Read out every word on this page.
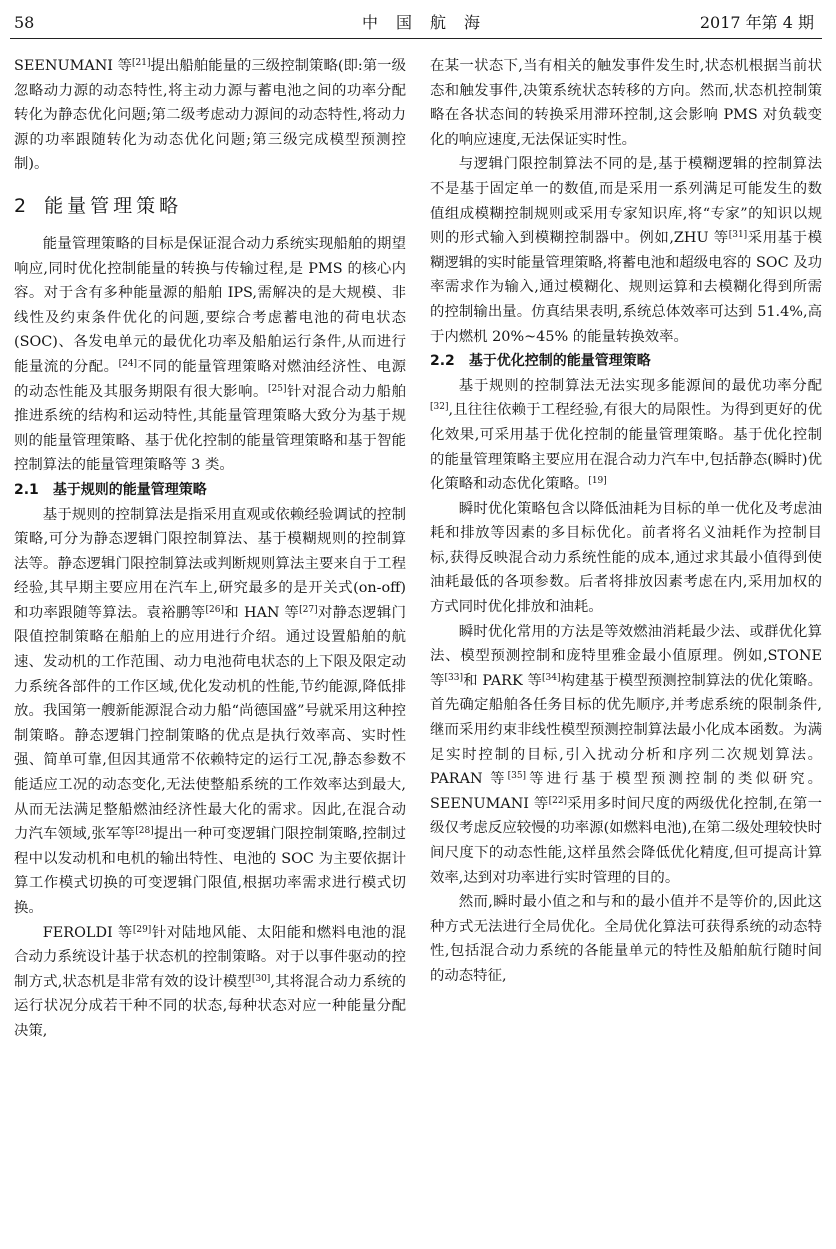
58	中国航海	2017 年第 4 期

SEENUMANI 等[21]提出船舶能量的三级控制策略(即:第一级忽略动力源的动态特性,将主动力源与蓄电池之间的功率分配转化为静态优化问题;第二级考虑动力源间的动态特性,将动力源的功率跟随转化为动态优化问题;第三级完成模型预测控制)。

2 能量管理策略

能量管理策略的目标是保证混合动力系统实现船舶的期望响应,同时优化控制能量的转换与传输过程,是 PMS 的核心内容。对于含有多种能量源的船舶 IPS,需解决的是大规模、非线性及约束条件优化的问题,要综合考虑蓄电池的荷电状态(SOC)、各发电单元的最优化功率及船舶运行条件,从而进行能量流的分配。[24]不同的能量管理策略对燃油经济性、电源的动态性能及其服务期限有很大影响。[25]针对混合动力船舶推进系统的结构和运动特性,其能量管理策略大致分为基于规则的能量管理策略、基于优化控制的能量管理策略和基于智能控制算法的能量管理策略等 3 类。

2.1 基于规则的能量管理策略

基于规则的控制算法是指采用直观或依赖经验调试的控制策略,可分为静态逻辑门限控制算法、基于模糊规则的控制算法等。静态逻辑门限控制算法或判断规则算法主要来自于工程经验,其早期主要应用在汽车上,研究最多的是开关式(on-off)和功率跟随等算法。袁裕鹏等[26]和 HAN 等[27]对静态逻辑门限值控制策略在船舶上的应用进行介绍。通过设置船舶的航速、发动机的工作范围、动力电池荷电状态的上下限及限定动力系统各部件的工作区域,优化发动机的性能,节约能源,降低排放。我国第一艘新能源混合动力船“尚德国盛”号就采用这种控制策略。静态逻辑门控制策略的优点是执行效率高、实时性强、简单可靠,但因其通常不依赖特定的运行工况,静态参数不能适应工况的动态变化,无法使整船系统的工作效率达到最大,从而无法满足整船燃油经济性最大化的需求。因此,在混合动力汽车领域,张军等[28]提出一种可变逻辑门限控制策略,控制过程中以发动机和电机的输出特性、电池的 SOC 为主要依据计算工作模式切换的可变逻辑门限值,根据功率需求进行模式切换。

FEROLDI 等[29]针对陆地风能、太阳能和燃料电池的混合动力系统设计基于状态机的控制策略。对于以事件驱动的控制方式,状态机是非常有效的设计模型[30],其将混合动力系统的运行状况分成若干种不同的状态,每种状态对应一种能量分配决策,

在某一状态下,当有相关的触发事件发生时,状态机根据当前状态和触发事件,决策系统状态转移的方向。然而,状态机控制策略在各状态间的转换采用滞环控制,这会影响 PMS 对负载变化的响应速度,无法保证实时性。

与逻辑门限控制算法不同的是,基于模糊逻辑的控制算法不是基于固定单一的数值,而是采用一系列满足可能发生的数值组成模糊控制规则或采用专家知识库,将“专家”的知识以规则的形式输入到模糊控制器中。例如,ZHU 等[31]采用基于模糊逻辑的实时能量管理策略,将蓄电池和超级电容的 SOC 及功率需求作为输入,通过模糊化、规则运算和去模糊化得到所需的控制输出量。仿真结果表明,系统总体效率可达到 51.4%,高于内燃机 20%~45% 的能量转换效率。

2.2 基于优化控制的能量管理策略

基于规则的控制算法无法实现多能源间的最优功率分配[32],且往往依赖于工程经验,有很大的局限性。为得到更好的优化效果,可采用基于优化控制的能量管理策略。基于优化控制的能量管理策略主要应用在混合动力汽车中,包括静态(瞬时)优化策略和动态优化策略。[19]

瞬时优化策略包含以降低油耗为目标的单一优化及考虑油耗和排放等因素的多目标优化。前者将名义油耗作为控制目标,获得反映混合动力系统性能的成本,通过求其最小值得到使油耗最低的各项参数。后者将排放因素考虑在内,采用加权的方式同时优化排放和油耗。

瞬时优化常用的方法是等效燃油消耗最少法、或群优化算法、模型预测控制和庞特里雅金最小值原理。例如,STONE 等[33]和 PARK 等[34]构建基于模型预测控制算法的优化策略。首先确定船舶各任务目标的优先顺序,并考虑系统的限制条件,继而采用约束非线性模型预测控制算法最小化成本函数。为满足实时控制的目标,引入扰动分析和序列二次规划算法。PARAN 等[35]等进行基于模型预测控制的类似研究。SEENUMANI 等[22]采用多时间尺度的两级优化控制,在第一级仅考虑反应较慢的功率源(如燃料电池),在第二级处理较快时间尺度下的动态性能,这样虽然会降低优化精度,但可提高计算效率,达到对功率进行实时管理的目的。

然而,瞬时最小值之和与和的最小值并不是等价的,因此这种方式无法进行全局优化。全局优化算法可获得系统的动态特性,包括混合动力系统的各能量单元的特性及船舶航行随时间的动态特征,
